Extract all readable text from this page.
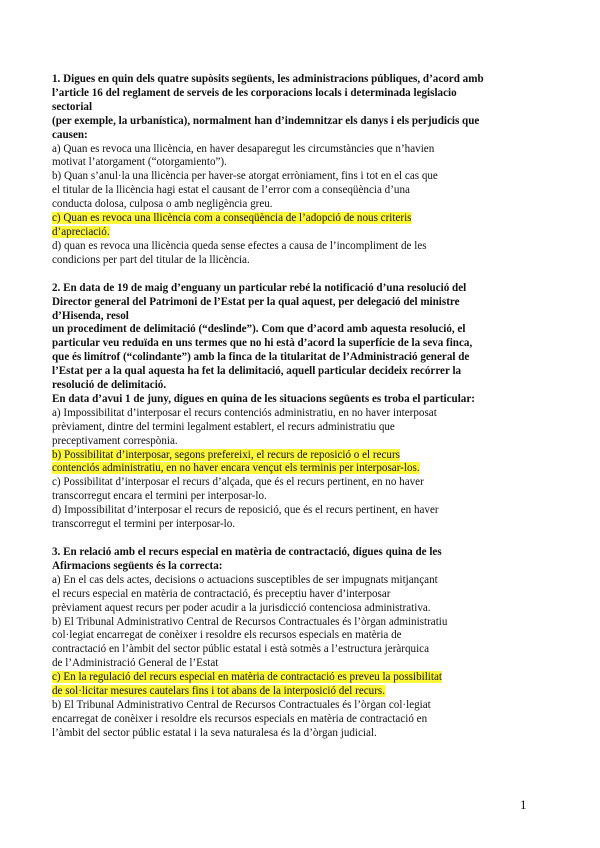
1. Digues en quin dels quatre supòsits següents, les administracions públiques, d’acord amb
l’article 16 del reglament de serveis de les corporacions locals i determinada legislacio
sectorial
(per exemple, la urbanística), normalment han d’indemnitzar els danys i els perjudicis que
causen:
a) Quan es revoca una llicència, en haver desaparegut les circumstàncies que n’havien
motivat l’atorgament (“otorgamiento”).
b) Quan s’anul·la una llicència per haver-se atorgat erròniament, fins i tot en el cas que
el titular de la llicència hagi estat el causant de l’error com a conseqüència d’una
conducta dolosa, culposa o amb negligència greu.
c) Quan es revoca una llicència com a conseqüència de l’adopció de nous criteris
d’apreciació.
d) quan es revoca una llicència queda sense efectes a causa de l’incompliment de les
condicions per part del titular de la llicència.
2. En data de 19 de maig d’enguany un particular rebé la notificació d’una resolució del
Director general del Patrimoni de l’Estat per la qual aquest, per delegació del ministre
d’Hisenda, resol
un procediment de delimitació (“deslinde”). Com que d’acord amb aquesta resolució, el
particular veu reduïda en uns termes que no hi està d’acord la superfície de la seva finca,
que és limítrof (“colindante”) amb la finca de la titularitat de l’Administració general de
l’Estat per a la qual aquesta ha fet la delimitació, aquell particular decideix recórrer la
resolució de delimitació.
En data d’avui 1 de juny, digues en quina de les situacions següents es troba el particular:
a) Impossibilitat d’interposar el recurs contenciós administratiu, en no haver interposat
prèviament, dintre del termini legalment establert, el recurs administratiu que
preceptivament correspònia.
b) Possibilitat d’interposar, segons prefereixi, el recurs de reposició o el recurs
contenciós administratiu, en no haver encara vençut els terminis per interposar-los.
c) Possibilitat d’interposar el recurs d’alçada, que és el recurs pertinent, en no haver
transcorregut encara el termini per interposar-lo.
d) Impossibilitat d’interposar el recurs de reposició, que és el recurs pertinent, en haver
transcorregut el termini per interposar-lo.
3. En relació amb el recurs especial en matèria de contractació, digues quina de les
Afirmacions següents és la correcta:
a) En el cas dels actes, decisions o actuacions susceptibles de ser impugnats mitjançant
el recurs especial en matèria de contractació, és preceptiu haver d’interposar
prèviament aquest recurs per poder acudir a la jurisdicció contenciosa administrativa.
b) El Tribunal Administrativo Central de Recursos Contractuales és l’òrgan administratiu
col·legiat encarregat de conèixer i resoldre els recursos especials en matèria de
contractació en l’àmbit del sector públic estatal i està sotmès a l’estructura jeràrquica
de l’Administració General de l’Estat
c) En la regulació del recurs especial en matèria de contractació es preveu la possibilitat
de sol·licitar mesures cautelars fins i tot abans de la interposició del recurs.
b) El Tribunal Administrativo Central de Recursos Contractuales és l’òrgan col·legiat
encarregat de conèixer i resoldre els recursos especials en matèria de contractació en
l’àmbit del sector públic estatal i la seva naturalesa és la d’òrgan judicial.
1
